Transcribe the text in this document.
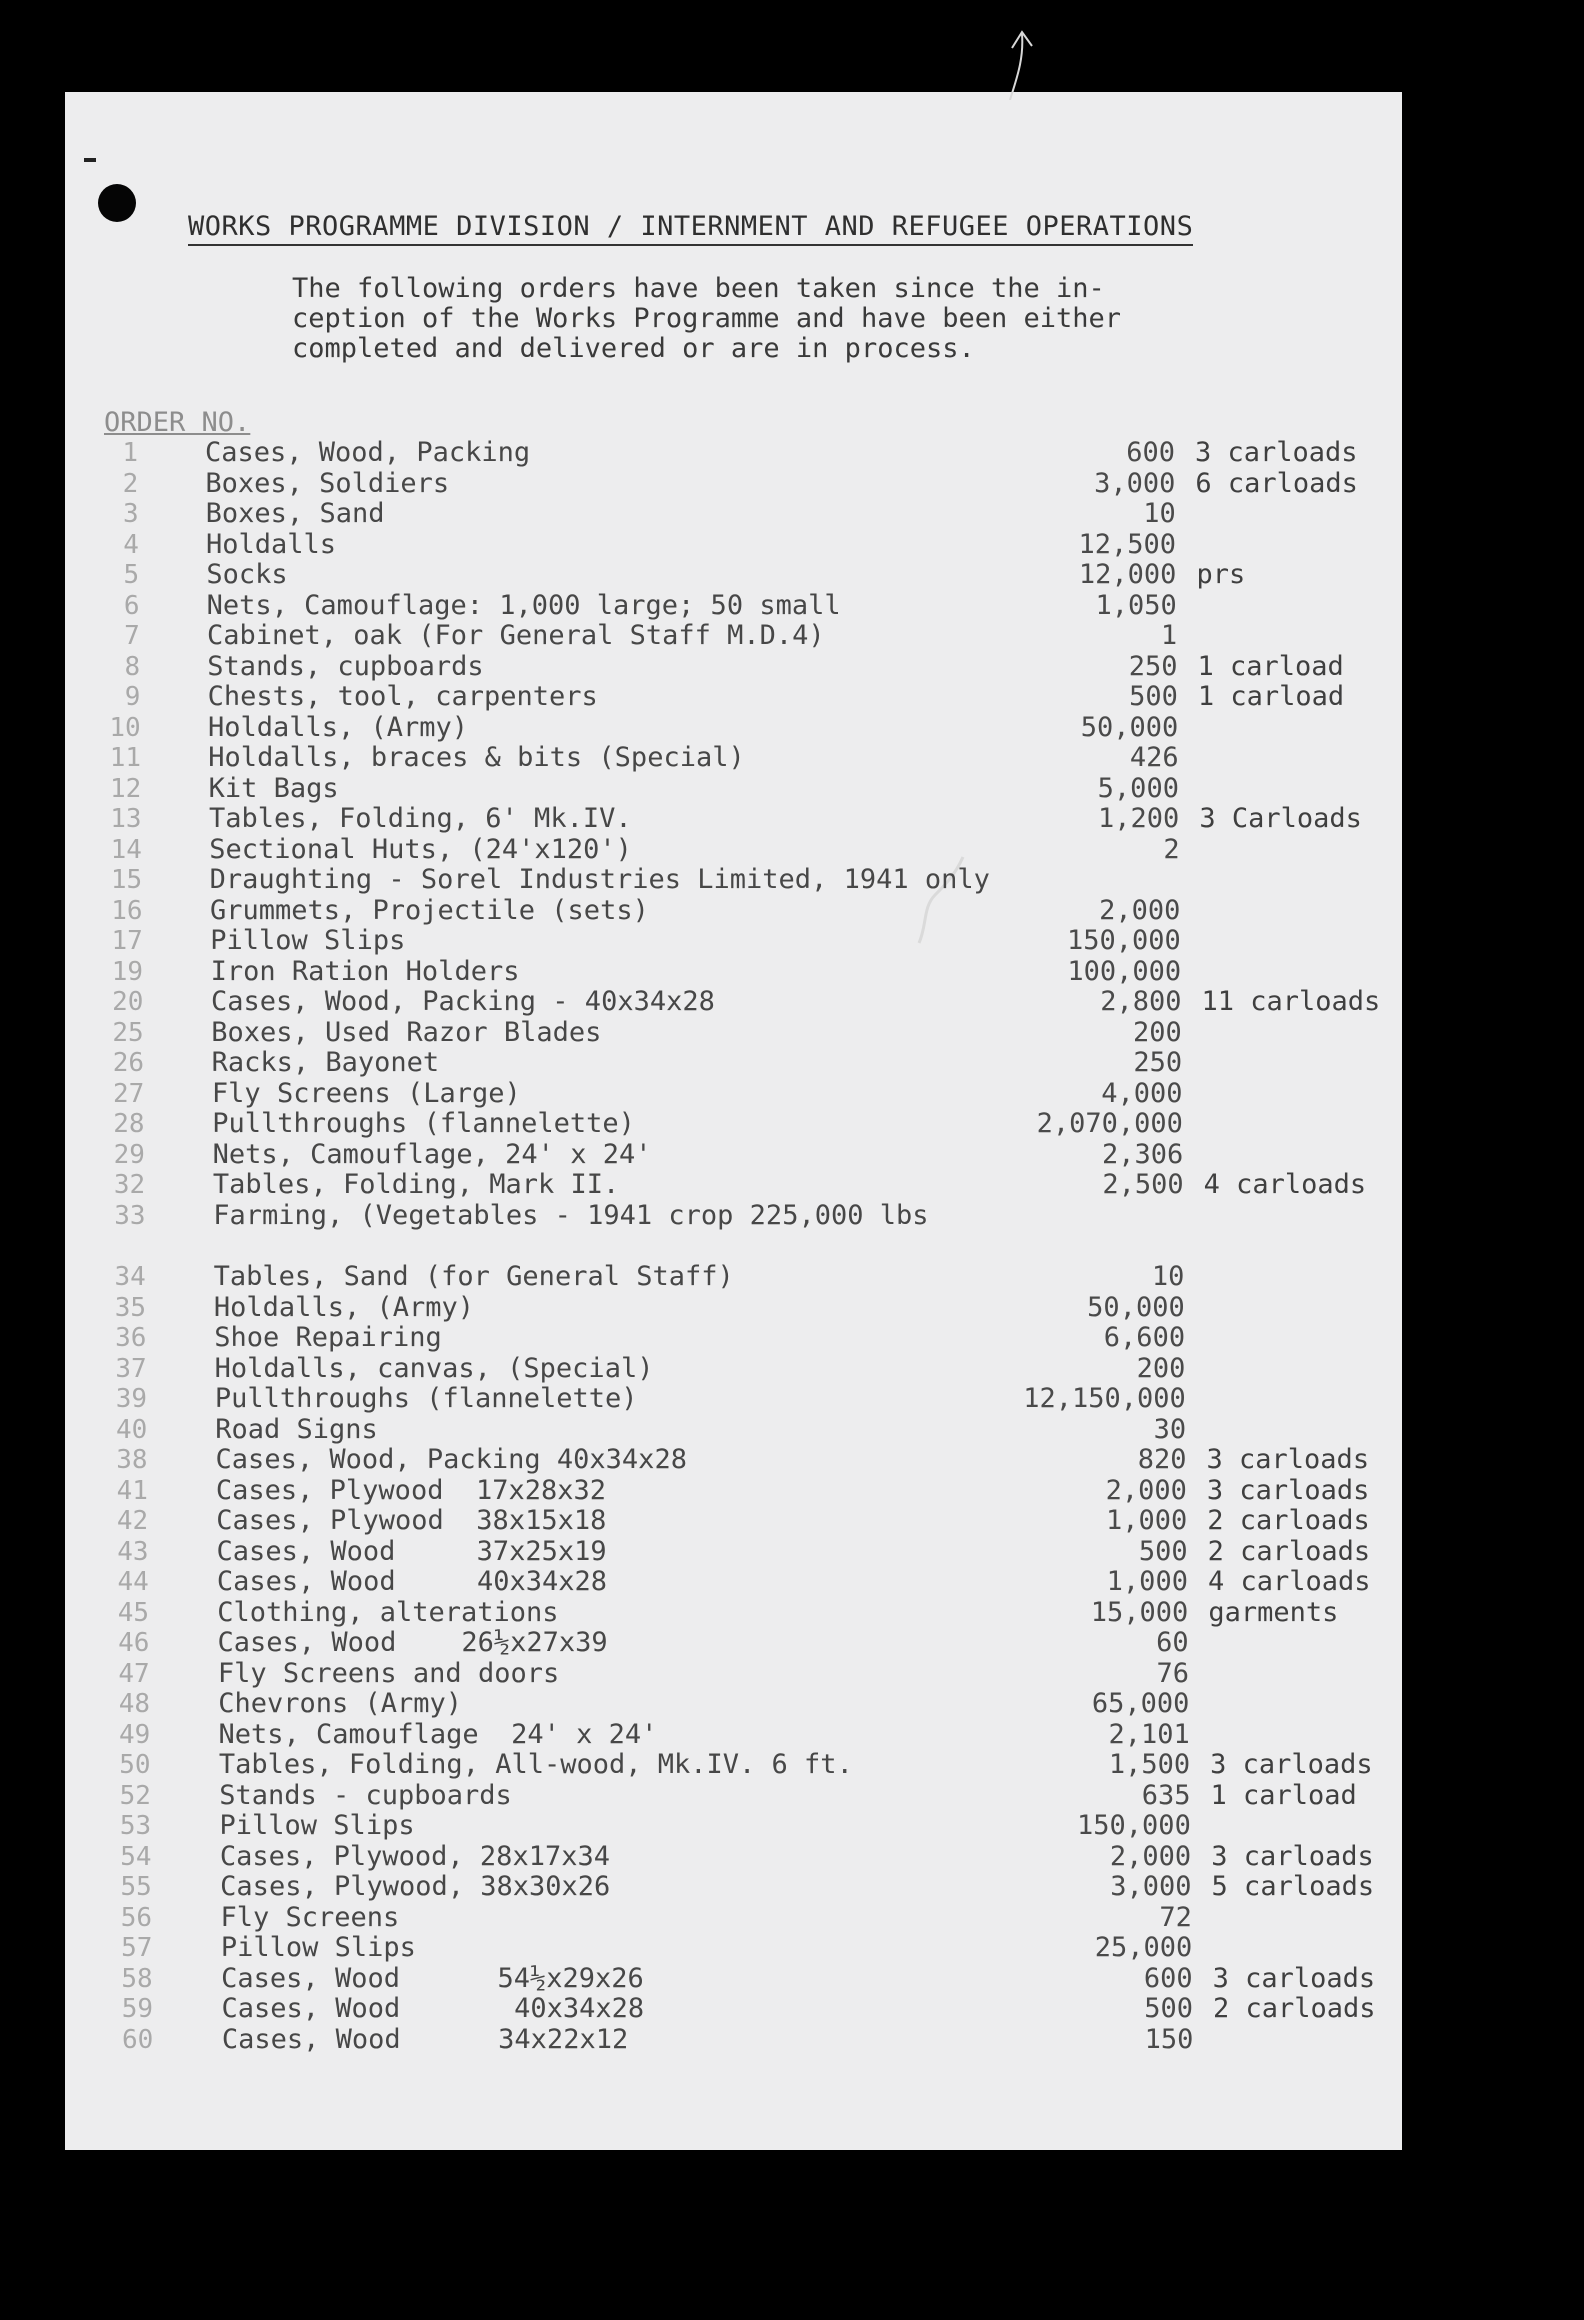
WORKS PROGRAMME DIVISION / INTERNMENT AND REFUGEE OPERATIONS
The following orders have been taken since the in-
ception of the Works Programme and have been either
completed and delivered or are in process.
ORDER NO.
1 Cases, Wood, Packing	600 3 carloads
2 Boxes, Soldiers	3,000 6 carloads
3 Boxes, Sand	10
4 Holdalls	12,500
5 Socks	12,000 prs
6 Nets, Camouflage: 1,000 large; 50 small	1,050
7 Cabinet, oak (For General Staff M.D.4)	1
8 Stands, cupboards	250 1 carload
9 Chests, tool, carpenters	500 1 carload
10 Holdalls, (Army)	50,000
11 Holdalls, braces & bits (Special)	426
12 Kit Bags	5,000
13 Tables, Folding, 6' Mk.IV.	1,200 3 Carloads
14 Sectional Huts, (24'x120')	2
15 Draughting - Sorel Industries Limited, 1941 only
16 Grummets, Projectile (sets)	2,000
17 Pillow Slips	150,000
19	Iron Ration Holders	100,000
20	Cases, Wood, Packing - 40x34x28	2,800 11 carloads
25	Boxes, Used Razor Blades	200
26	Racks, Bayonet	250
27	Fly Screens (Large)	4,000
28	Pullthroughs (flannelette)	2,070,000
29	Nets, Camouflage, 24' x 24'	2,306
32	Tables, Folding, Mark II.	2,500 4 carloads
33	Farming, (Vegetables - 1941 crop 225,000 lbs
34	Tables, Sand (for General Staff)	10
35	Holdalls, (Army)	50,000
36	Shoe Repairing	6,600
37	Holdalls, canvas, (Special)	200
39	Pullthroughs (flannelette)	12,150,000
40	Road Signs	30
38	Cases, Wood, Packing 40x34x28	820 3 carloads
41	Cases, Plywood  17x28x32	2,000 3 carloads
42	Cases, Plywood  38x15x18	1,000 2 carloads
43	Cases, Wood     37x25x19	500 2 carloads
44	Cases, Wood     40x34x28	1,000 4 carloads
45	Clothing, alterations	15,000 garments
46	Cases, Wood    26½x27x39	60
47	Fly Screens and doors	76
48	Chevrons (Army)	65,000
49	Nets, Camouflage  24' x 24'	2,101
50	Tables, Folding, All-wood, Mk.IV. 6 ft.	1,500 3 carloads
52	Stands - cupboards	635 1 carload
53	Pillow Slips	150,000
54	Cases, Plywood, 28x17x34	2,000 3 carloads
55	Cases, Plywood, 38x30x26	3,000 5 carloads
56	Fly Screens	72
57	Pillow Slips	25,000
58	Cases, Wood      54½x29x26	600 3 carloads
59	Cases, Wood       40x34x28	500 2 carloads
60	Cases, Wood      34x22x12	150
